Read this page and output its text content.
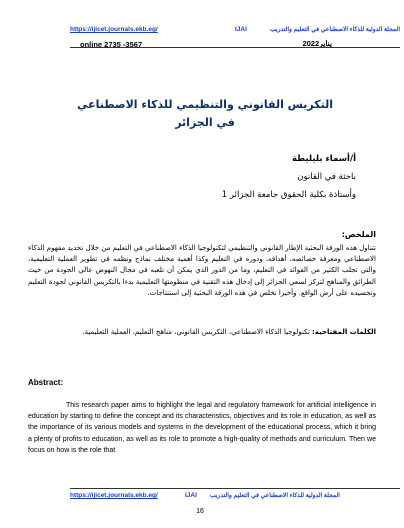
https://ijicet.journals.ekb.eg/	IJAI	المجلة الدولية للذكاء الاصطناعي في التعليم والتدريب
online 2735 -3567	يناير2022
التكريس القانوني والتنظيمي للذكاء الاصطناعي
في الجزائر
أ/أسماء بليليطة
باحثة في القانون
وأستاذة بكلية الحقوق جامعة الجزائر 1
الملخص:
تتناول هذه الورقة البحثية الإطار القانوني والتنظيمي لتكنولوجيا الذكاء الاصطناعي في التعليم من خلال تحديد مفهوم الذكاء الاصطناعي ومعرفة خصائصه، أهدافه، ودوره في التعليم وكذا أهمية مختلف نماذج ونظمه في تطوير العملية التعليمية، والتي تجلب الكثير من الفوائد في التعليم، وما من الدور الذي يمكن أن تلعبه في مجال النهوض عالي الجودة من حيث الطرائق والمناهج لتركز لسعي الجزائر إلى إدخال هذه التقنية في منظومتها التعليمية بدءا بالتكريس القانوني لجودة التعليم وتجسيده على أرض الواقع. وأخيرا نخلص في هذه الورقة البحثية إلى استنتاجات.
الكلمات المفتاحية: تكنولوجيا الذكاء الاصطناعي، التكريس القانوني، مناهج التعليم، العملية التعليمية.
Abstract:
This research paper aims to highlight the legal and regulatory framework for artificial intelligence in education by starting to define the concept and its characteristics, objectives and its role in education, as well as the importance of its various models and systems in the development of the educational process, which it bring a plenty of profits to education, as well as its role to promote a high-quality of methods and curriculum. Then we focus on how is the role that
https://ijicet.journals.ekb.eg/	IJAI المجلة الدولية للذكاء الاصطناعي في التعليم والتدريب
16
